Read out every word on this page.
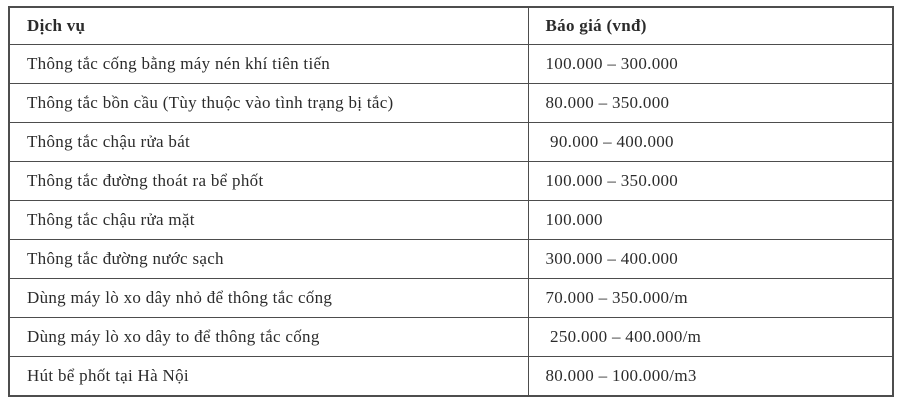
Dịch vụ	Báo giá (vnđ)
Thông tắc cống bằng máy nén khí tiên tiến	100.000 – 300.000
Thông tắc bồn cầu (Tùy thuộc vào tình trạng bị tắc)	80.000 – 350.000
Thông tắc chậu rửa bát	90.000 – 400.000
Thông tắc đường thoát ra bể phốt	100.000 – 350.000
Thông tắc chậu rửa mặt	100.000
Thông tắc đường nước sạch	300.000 – 400.000
Dùng máy lò xo dây nhỏ để thông tắc cống	70.000 – 350.000/m
Dùng máy lò xo dây to để thông tắc cống	250.000 – 400.000/m
Hút bể phốt tại Hà Nội	80.000 – 100.000/m3
